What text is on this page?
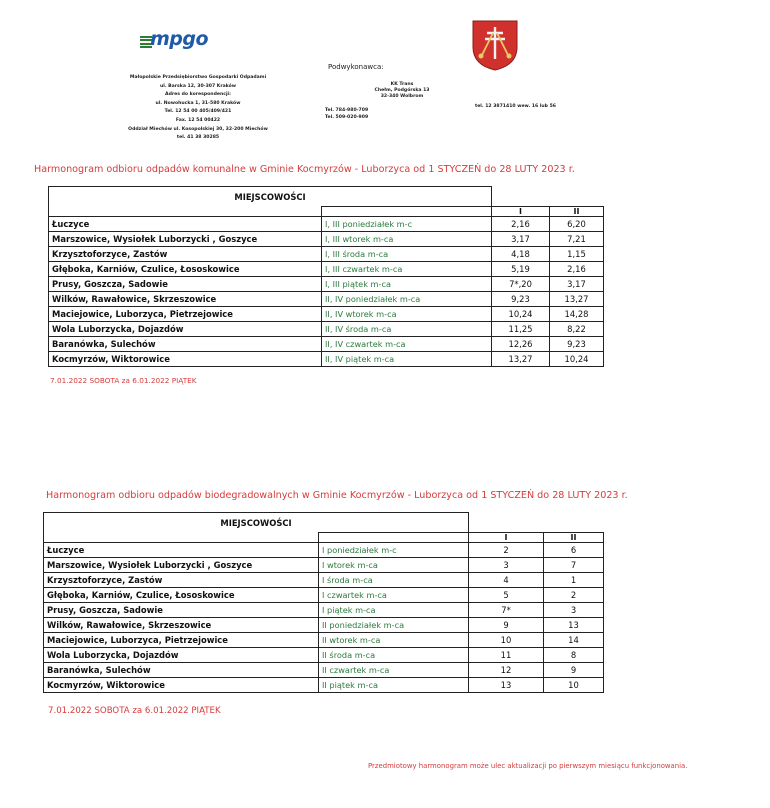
mpgo
Małopolskie Przedsiębiorstwo Gospodarki Odpadami
ul. Barska 12, 30-307 Kraków
Adres do korespondencji:
ul. Nowohucka 1, 31-580 Kraków
Tel. 12 54 00 405/409/421
Fax. 12 54 00422
Oddział Miechów ul. Kosopolskiej 30, 32-200 Miechów
tel. 41 38 30285
Podwykonawca:
KK Trans
Chełm, Podgórska 13
32-340 Wolbrom
Tel. 784-980-709
Tel. 509-020-909
tel. 12 3871410 wew. 16 lub 56
Harmonogram odbioru odpadów komunalne w Gminie Kocmyrzów - Luborzyca od 1 STYCZEŃ do 28 LUTY 2023 r.
MIEJSCOWOŚCI			
		I	II
Łuczyce	I, III poniedziałek m-c	2,16	6,20
Marszowice, Wysiołek Luborzycki , Goszyce	I, III wtorek m-ca	3,17	7,21
Krzysztoforzyce, Zastów	I, III środa m-ca	4,18	1,15
Głęboka, Karniów, Czulice, Łososkowice	I, III czwartek m-ca	5,19	2,16
Prusy, Goszcza, Sadowie	I, III piątek m-ca	7*,20	3,17
Wilków, Rawałowice, Skrzeszowice	II, IV poniedziałek m-ca	9,23	13,27
Maciejowice, Luborzyca, Pietrzejowice	II, IV wtorek m-ca	10,24	14,28
Wola Luborzycka, Dojazdów	II, IV środa m-ca	11,25	8,22
Baranówka, Sulechów	II, IV czwartek m-ca	12,26	9,23
Kocmyrzów, Wiktorowice	II, IV piątek m-ca	13,27	10,24
7.01.2022 SOBOTA za 6.01.2022 PIĄTEK
Harmonogram odbioru odpadów biodegradowalnych w Gminie Kocmyrzów - Luborzyca od 1 STYCZEŃ do 28 LUTY 2023 r.
MIEJSCOWOŚCI			
		I	II
Łuczyce	I poniedziałek m-c	2	6
Marszowice, Wysiołek Luborzycki , Goszyce	I wtorek m-ca	3	7
Krzysztoforzyce, Zastów	I środa m-ca	4	1
Głęboka, Karniów, Czulice, Łososkowice	I czwartek m-ca	5	2
Prusy, Goszcza, Sadowie	I piątek m-ca	7*	3
Wilków, Rawałowice, Skrzeszowice	II poniedziałek m-ca	9	13
Maciejowice, Luborzyca, Pietrzejowice	II wtorek m-ca	10	14
Wola Luborzycka, Dojazdów	II środa m-ca	11	8
Baranówka, Sulechów	II czwartek m-ca	12	9
Kocmyrzów, Wiktorowice	II piątek m-ca	13	10
7.01.2022 SOBOTA za 6.01.2022 PIĄTEK
Przedmiotowy harmonogram może ulec aktualizacji po pierwszym miesiącu funkcjonowania.
